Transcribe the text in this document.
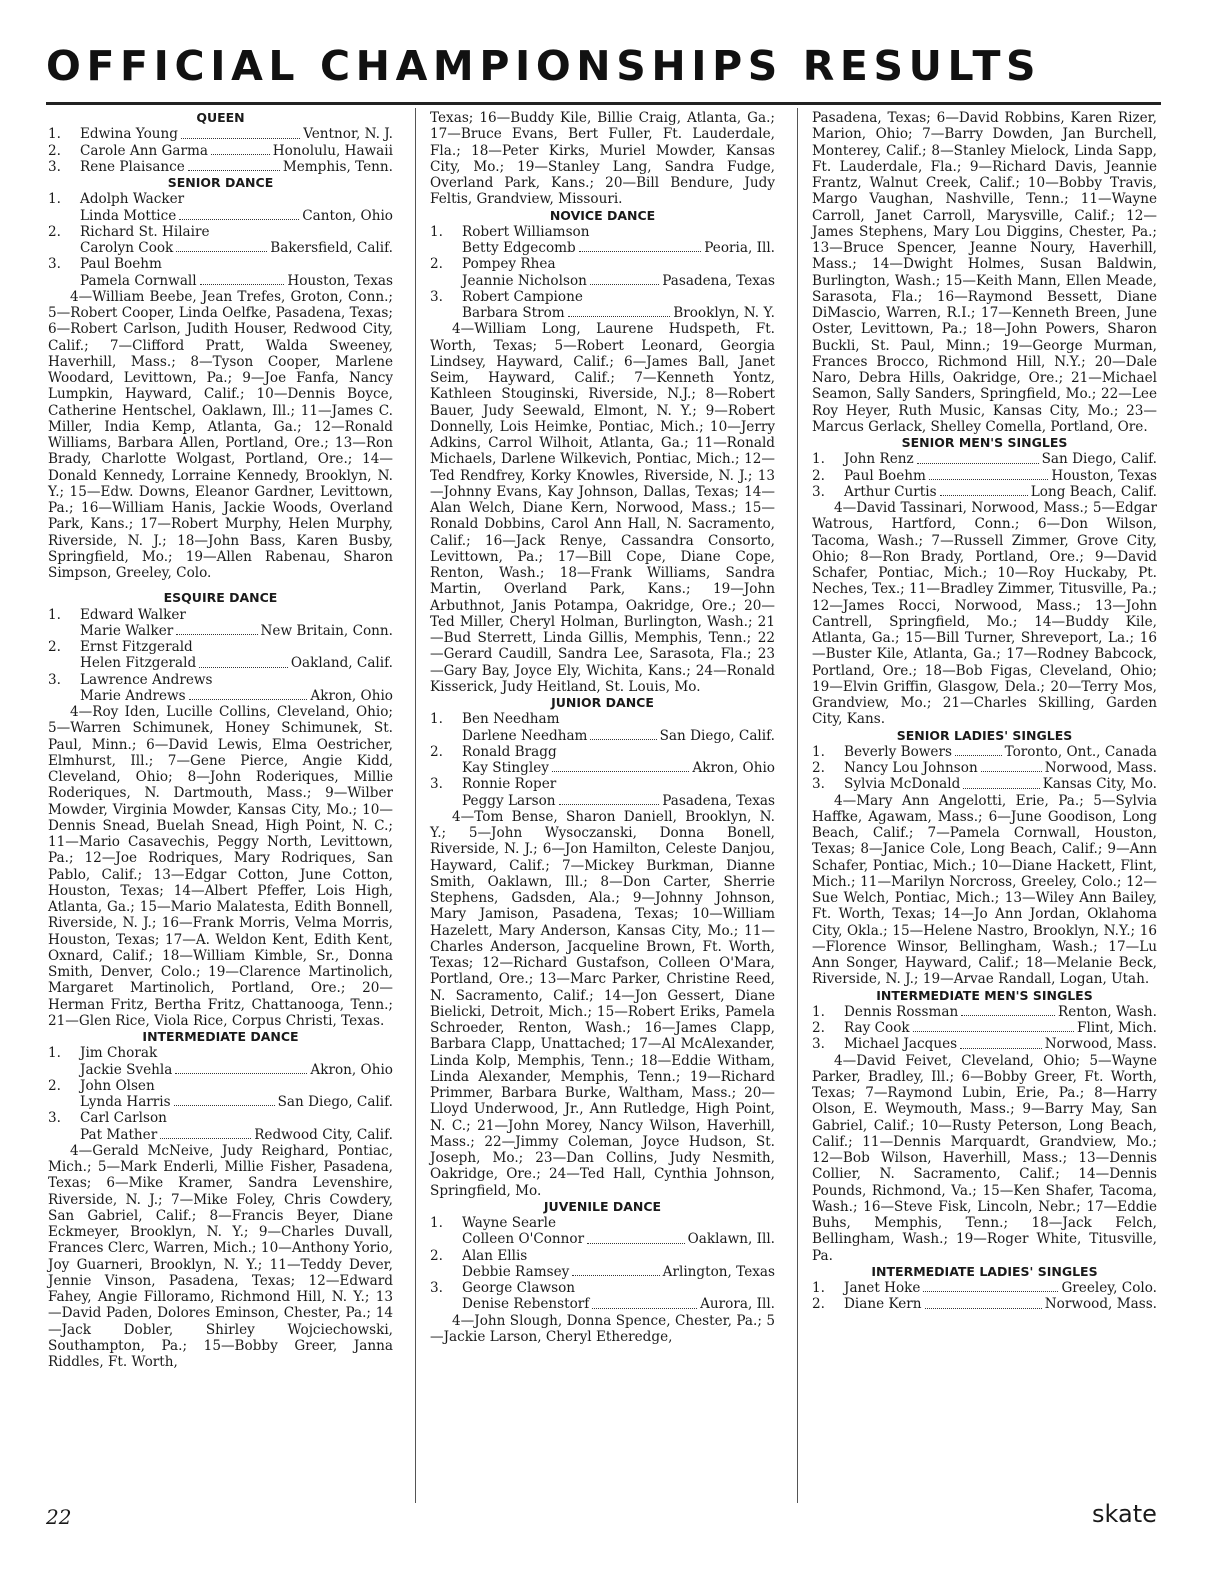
OFFICIAL CHAMPIONSHIPS RESULTS
QUEEN
1.	Edwina Young	Ventnor, N. J.
2.	Carole Ann Garma	Honolulu, Hawaii
3.	Rene Plaisance	Memphis, Tenn.
SENIOR DANCE
1. Adolph Wacker
Linda Mottice	Canton, Ohio
2. Richard St. Hilaire
Carolyn Cook	Bakersfield, Calif.
3. Paul Boehm
Pamela Cornwall	Houston, Texas

4—William Beebe, Jean Trefes, Groton, Conn.; 5—Robert Cooper, Linda Oelfke, Pasadena, Texas; 6—Robert Carlson, Judith Houser, Redwood City, Calif.; 7—Clifford Pratt, Walda Sweeney, Haverhill, Mass.; 8—Tyson Cooper, Marlene Woodard, Levittown, Pa.; 9—Joe Fanfa, Nancy Lumpkin, Hayward, Calif.; 10—Dennis Boyce, Catherine Hentschel, Oaklawn, Ill.; 11—James C. Miller, India Kemp, Atlanta, Ga.; 12—Ronald Williams, Barbara Allen, Portland, Ore.; 13—Ron Brady, Charlotte Wolgast, Portland, Ore.; 14—Donald Kennedy, Lorraine Kennedy, Brooklyn, N. Y.; 15—Edw. Downs, Eleanor Gardner, Levittown, Pa.; 16—William Hanis, Jackie Woods, Overland Park, Kans.; 17—Robert Murphy, Helen Murphy, Riverside, N. J.; 18—John Bass, Karen Busby, Springfield, Mo.; 19—Allen Rabenau, Sharon Simpson, Greeley, Colo.

ESQUIRE DANCE
1. Edward Walker
Marie Walker	New Britain, Conn.
2. Ernst Fitzgerald
Helen Fitzgerald	Oakland, Calif.
3. Lawrence Andrews
Marie Andrews	Akron, Ohio

4—Roy Iden, Lucille Collins, Cleveland, Ohio; 5—Warren Schimunek, Honey Schimunek, St. Paul, Minn.; 6—David Lewis, Elma Oestricher, Elmhurst, Ill.; 7—Gene Pierce, Angie Kidd, Cleveland, Ohio; 8—John Roderiques, Millie Roderiques, N. Dartmouth, Mass.; 9—Wilber Mowder, Virginia Mowder, Kansas City, Mo.; 10—Dennis Snead, Buelah Snead, High Point, N. C.; 11—Mario Casavechis, Peggy North, Levittown, Pa.; 12—Joe Rodriques, Mary Rodriques, San Pablo, Calif.; 13—Edgar Cotton, June Cotton, Houston, Texas; 14—Albert Pfeffer, Lois High, Atlanta, Ga.; 15—Mario Malatesta, Edith Bonnell, Riverside, N. J.; 16—Frank Morris, Velma Morris, Houston, Texas; 17—A. Weldon Kent, Edith Kent, Oxnard, Calif.; 18—William Kimble, Sr., Donna Smith, Denver, Colo.; 19—Clarence Martinolich, Margaret Martinolich, Portland, Ore.; 20—Herman Fritz, Bertha Fritz, Chattanooga, Tenn.; 21—Glen Rice, Viola Rice, Corpus Christi, Texas.

INTERMEDIATE DANCE
1. Jim Chorak
Jackie Svehla	Akron, Ohio
2. John Olsen
Lynda Harris	San Diego, Calif.
3. Carl Carlson
Pat Mather	Redwood City, Calif.

4—Gerald McNeive, Judy Reighard, Pontiac, Mich.; 5—Mark Enderli, Millie Fisher, Pasadena, Texas; 6—Mike Kramer, Sandra Levenshire, Riverside, N. J.; 7—Mike Foley, Chris Cowdery, San Gabriel, Calif.; 8—Francis Beyer, Diane Eckmeyer, Brooklyn, N. Y.; 9—Charles Duvall, Frances Clerc, Warren, Mich.; 10—Anthony Yorio, Joy Guarneri, Brooklyn, N. Y.; 11—Teddy Dever, Jennie Vinson, Pasadena, Texas; 12—Edward Fahey, Angie Filloramo, Richmond Hill, N. Y.; 13—David Paden, Dolores Eminson, Chester, Pa.; 14—Jack Dobler, Shirley Wojciechowski, Southampton, Pa.; 15—Bobby Greer, Janna Riddles, Ft. Worth,

Texas; 16—Buddy Kile, Billie Craig, Atlanta, Ga.; 17—Bruce Evans, Bert Fuller, Ft. Lauderdale, Fla.; 18—Peter Kirks, Muriel Mowder, Kansas City, Mo.; 19—Stanley Lang, Sandra Fudge, Overland Park, Kans.; 20—Bill Bendure, Judy Feltis, Grandview, Missouri.

NOVICE DANCE
1. Robert Williamson
Betty Edgecomb	Peoria, Ill.
2. Pompey Rhea
Jeannie Nicholson	Pasadena, Texas
3. Robert Campione
Barbara Strom	Brooklyn, N. Y.

4—William Long, Laurene Hudspeth, Ft. Worth, Texas; 5—Robert Leonard, Georgia Lindsey, Hayward, Calif.; 6—James Ball, Janet Seim, Hayward, Calif.; 7—Kenneth Yontz, Kathleen Stouginski, Riverside, N.J.; 8—Robert Bauer, Judy Seewald, Elmont, N. Y.; 9—Robert Donnelly, Lois Heimke, Pontiac, Mich.; 10—Jerry Adkins, Carrol Wilhoit, Atlanta, Ga.; 11—Ronald Michaels, Darlene Wilkevich, Pontiac, Mich.; 12—Ted Rendfrey, Korky Knowles, Riverside, N. J.; 13—Johnny Evans, Kay Johnson, Dallas, Texas; 14—Alan Welch, Diane Kern, Norwood, Mass.; 15—Ronald Dobbins, Carol Ann Hall, N. Sacramento, Calif.; 16—Jack Renye, Cassandra Consorto, Levittown, Pa.; 17—Bill Cope, Diane Cope, Renton, Wash.; 18—Frank Williams, Sandra Martin, Overland Park, Kans.; 19—John Arbuthnot, Janis Potampa, Oakridge, Ore.; 20—Ted Miller, Cheryl Holman, Burlington, Wash.; 21—Bud Sterrett, Linda Gillis, Memphis, Tenn.; 22—Gerard Caudill, Sandra Lee, Sarasota, Fla.; 23—Gary Bay, Joyce Ely, Wichita, Kans.; 24—Ronald Kisserick, Judy Heitland, St. Louis, Mo.

JUNIOR DANCE
1. Ben Needham
Darlene Needham	San Diego, Calif.
2. Ronald Bragg
Kay Stingley	Akron, Ohio
3. Ronnie Roper
Peggy Larson	Pasadena, Texas

4—Tom Bense, Sharon Daniell, Brooklyn, N. Y.; 5—John Wysoczanski, Donna Bonell, Riverside, N. J.; 6—Jon Hamilton, Celeste Danjou, Hayward, Calif.; 7—Mickey Burkman, Dianne Smith, Oaklawn, Ill.; 8—Don Carter, Sherrie Stephens, Gadsden, Ala.; 9—Johnny Johnson, Mary Jamison, Pasadena, Texas; 10—William Hazelett, Mary Anderson, Kansas City, Mo.; 11—Charles Anderson, Jacqueline Brown, Ft. Worth, Texas; 12—Richard Gustafson, Colleen O'Mara, Portland, Ore.; 13—Marc Parker, Christine Reed, N. Sacramento, Calif.; 14—Jon Gessert, Diane Bielicki, Detroit, Mich.; 15—Robert Eriks, Pamela Schroeder, Renton, Wash.; 16—James Clapp, Barbara Clapp, Unattached; 17—Al McAlexander, Linda Kolp, Memphis, Tenn.; 18—Eddie Witham, Linda Alexander, Memphis, Tenn.; 19—Richard Primmer, Barbara Burke, Waltham, Mass.; 20—Lloyd Underwood, Jr., Ann Rutledge, High Point, N. C.; 21—John Morey, Nancy Wilson, Haverhill, Mass.; 22—Jimmy Coleman, Joyce Hudson, St. Joseph, Mo.; 23—Dan Collins, Judy Nesmith, Oakridge, Ore.; 24—Ted Hall, Cynthia Johnson, Springfield, Mo.

JUVENILE DANCE
1. Wayne Searle
Colleen O'Connor	Oaklawn, Ill.
2. Alan Ellis
Debbie Ramsey	Arlington, Texas
3. George Clawson
Denise Rebenstorf	Aurora, Ill.

4—John Slough, Donna Spence, Chester, Pa.; 5—Jackie Larson, Cheryl Etheredge,

Pasadena, Texas; 6—David Robbins, Karen Rizer, Marion, Ohio; 7—Barry Dowden, Jan Burchell, Monterey, Calif.; 8—Stanley Mielock, Linda Sapp, Ft. Lauderdale, Fla.; 9—Richard Davis, Jeannie Frantz, Walnut Creek, Calif.; 10—Bobby Travis, Margo Vaughan, Nashville, Tenn.; 11—Wayne Carroll, Janet Carroll, Marysville, Calif.; 12—James Stephens, Mary Lou Diggins, Chester, Pa.; 13—Bruce Spencer, Jeanne Noury, Haverhill, Mass.; 14—Dwight Holmes, Susan Baldwin, Burlington, Wash.; 15—Keith Mann, Ellen Meade, Sarasota, Fla.; 16—Raymond Bessett, Diane DiMascio, Warren, R.I.; 17—Kenneth Breen, June Oster, Levittown, Pa.; 18—John Powers, Sharon Buckli, St. Paul, Minn.; 19—George Murman, Frances Brocco, Richmond Hill, N.Y.; 20—Dale Naro, Debra Hills, Oakridge, Ore.; 21—Michael Seamon, Sally Sanders, Springfield, Mo.; 22—Lee Roy Heyer, Ruth Music, Kansas City, Mo.; 23—Marcus Gerlack, Shelley Comella, Portland, Ore.

SENIOR MEN'S SINGLES
1.	John Renz	San Diego, Calif.
2.	Paul Boehm	Houston, Texas
3.	Arthur Curtis	Long Beach, Calif.

4—David Tassinari, Norwood, Mass.; 5—Edgar Watrous, Hartford, Conn.; 6—Don Wilson, Tacoma, Wash.; 7—Russell Zimmer, Grove City, Ohio; 8—Ron Brady, Portland, Ore.; 9—David Schafer, Pontiac, Mich.; 10—Roy Huckaby, Pt. Neches, Tex.; 11—Bradley Zimmer, Titusville, Pa.; 12—James Rocci, Norwood, Mass.; 13—John Cantrell, Springfield, Mo.; 14—Buddy Kile, Atlanta, Ga.; 15—Bill Turner, Shreveport, La.; 16—Buster Kile, Atlanta, Ga.; 17—Rodney Babcock, Portland, Ore.; 18—Bob Figas, Cleveland, Ohio; 19—Elvin Griffin, Glasgow, Dela.; 20—Terry Mos, Grandview, Mo.; 21—Charles Skilling, Garden City, Kans.

SENIOR LADIES' SINGLES
1.	Beverly Bowers	Toronto, Ont., Canada
2.	Nancy Lou Johnson	Norwood, Mass.
3.	Sylvia McDonald	Kansas City, Mo.

4—Mary Ann Angelotti, Erie, Pa.; 5—Sylvia Haffke, Agawam, Mass.; 6—June Goodison, Long Beach, Calif.; 7—Pamela Cornwall, Houston, Texas; 8—Janice Cole, Long Beach, Calif.; 9—Ann Schafer, Pontiac, Mich.; 10—Diane Hackett, Flint, Mich.; 11—Marilyn Norcross, Greeley, Colo.; 12—Sue Welch, Pontiac, Mich.; 13—Wiley Ann Bailey, Ft. Worth, Texas; 14—Jo Ann Jordan, Oklahoma City, Okla.; 15—Helene Nastro, Brooklyn, N.Y.; 16—Florence Winsor, Bellingham, Wash.; 17—Lu Ann Songer, Hayward, Calif.; 18—Melanie Beck, Riverside, N. J.; 19—Arvae Randall, Logan, Utah.

INTERMEDIATE MEN'S SINGLES
1.	Dennis Rossman	Renton, Wash.
2.	Ray Cook	Flint, Mich.
3.	Michael Jacques	Norwood, Mass.

4—David Feivet, Cleveland, Ohio; 5—Wayne Parker, Bradley, Ill.; 6—Bobby Greer, Ft. Worth, Texas; 7—Raymond Lubin, Erie, Pa.; 8—Harry Olson, E. Weymouth, Mass.; 9—Barry May, San Gabriel, Calif.; 10—Rusty Peterson, Long Beach, Calif.; 11—Dennis Marquardt, Grandview, Mo.; 12—Bob Wilson, Haverhill, Mass.; 13—Dennis Collier, N. Sacramento, Calif.; 14—Dennis Pounds, Richmond, Va.; 15—Ken Shafer, Tacoma, Wash.; 16—Steve Fisk, Lincoln, Nebr.; 17—Eddie Buhs, Memphis, Tenn.; 18—Jack Felch, Bellingham, Wash.; 19—Roger White, Titusville, Pa.

INTERMEDIATE LADIES' SINGLES
1.	Janet Hoke	Greeley, Colo.
2.	Diane Kern	Norwood, Mass.
22	skate
